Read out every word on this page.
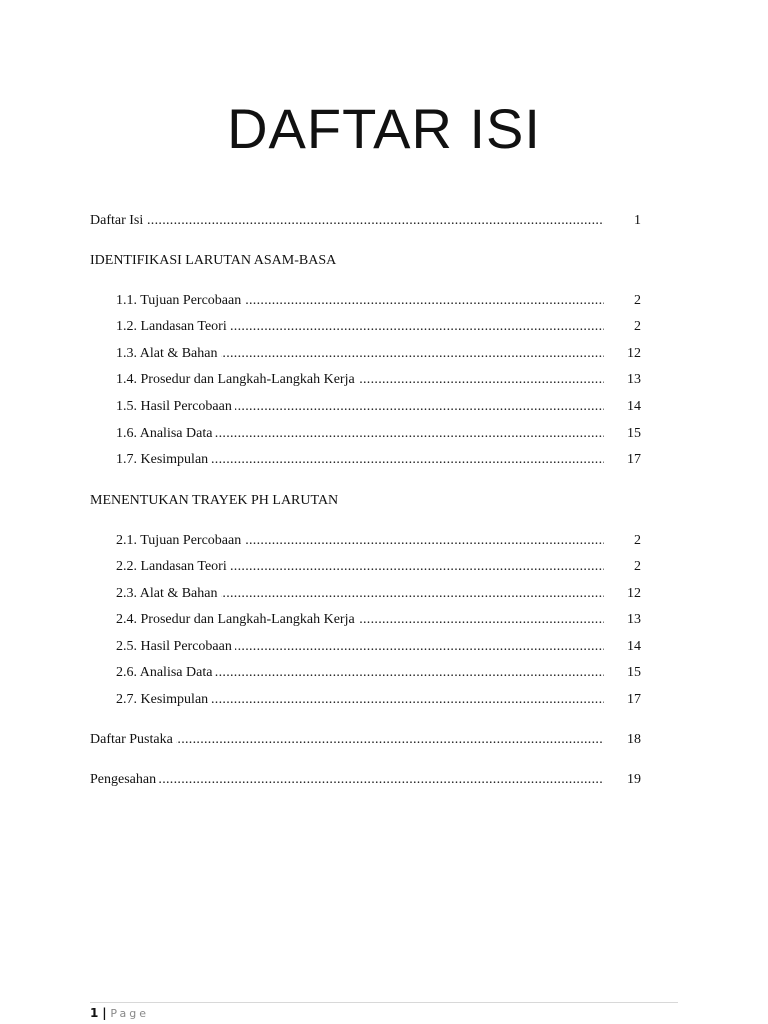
DAFTAR ISI
Daftar Isi .....	1
IDENTIFIKASI LARUTAN ASAM-BASA
1.1. Tujuan Percobaan .....	2
1.2. Landasan Teori .....	2
1.3. Alat & Bahan .....	12
1.4. Prosedur dan Langkah-Langkah Kerja .....	13
1.5. Hasil Percobaan .....	14
1.6. Analisa Data .....	15
1.7. Kesimpulan .....	17
MENENTUKAN TRAYEK PH LARUTAN
2.1. Tujuan Percobaan .....	2
2.2. Landasan Teori .....	2
2.3. Alat & Bahan .....	12
2.4. Prosedur dan Langkah-Langkah Kerja .....	13
2.5. Hasil Percobaan .....	14
2.6. Analisa Data .....	15
2.7. Kesimpulan .....	17
Daftar Pustaka .....	18
Pengesahan .....	19
1 | Page
